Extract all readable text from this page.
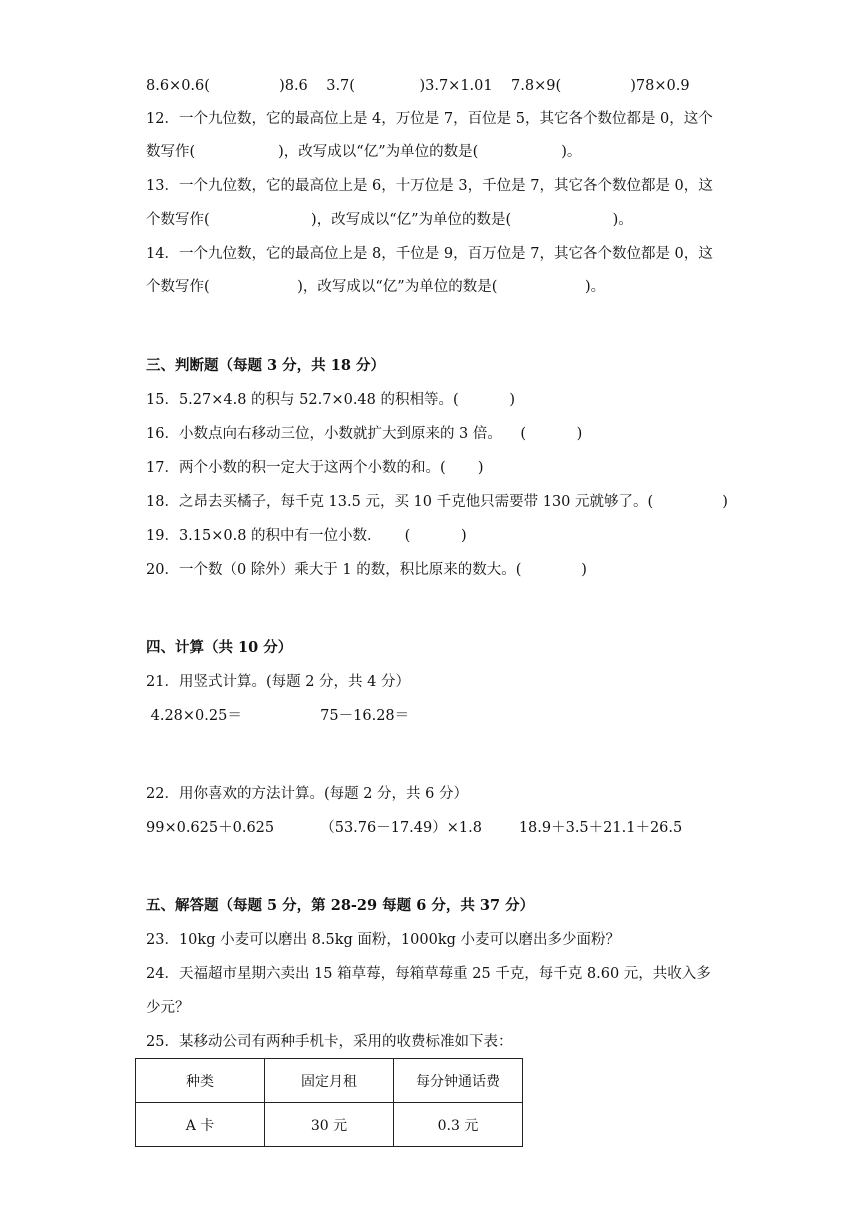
8.6×0.6(               )8.6    3.7(              )3.7×1.01    7.8×9(               )78×0.9
12．一个九位数，它的最高位上是 4，万位是 7，百位是 5，其它各个数位都是 0，这个
数写作(                  )，改写成以“亿”为单位的数是(                  )。
13．一个九位数，它的最高位上是 6，十万位是 3，千位是 7，其它各个数位都是 0，这
个数写作(                      )，改写成以“亿”为单位的数是(                      )。
14．一个九位数，它的最高位上是 8，千位是 9，百万位是 7，其它各个数位都是 0，这
个数写作(                   )，改写成以“亿”为单位的数是(                   )。
三、判断题（每题 3 分，共 18 分）
15．5.27×4.8 的积与 52.7×0.48 的积相等。(           )
16．小数点向右移动三位，小数就扩大到原来的 3 倍。    (           )
17．两个小数的积一定大于这两个小数的和。(       )
18．之昂去买橘子，每千克 13.5 元，买 10 千克他只需要带 130 元就够了。(               )
19．3.15×0.8 的积中有一位小数．     (           )
20．一个数（0 除外）乘大于 1 的数，积比原来的数大。(             )
四、计算（共 10 分）
21．用竖式计算。(每题 2 分，共 4 分）
4.28×0.25＝                 75－16.28＝
22．用你喜欢的方法计算。(每题 2 分，共 6 分）
99×0.625＋0.625          （53.76－17.49）×1.8        18.9＋3.5＋21.1＋26.5
五、解答题（每题 5 分，第 28-29 每题 6 分，共 37 分）
23．10kg 小麦可以磨出 8.5kg 面粉，1000kg 小麦可以磨出多少面粉？
24．天福超市星期六卖出 15 箱草莓，每箱草莓重 25 千克，每千克 8.60 元，共收入多
少元？
25．某移动公司有两种手机卡，采用的收费标准如下表：
种类	固定月租	每分钟通话费
A 卡	30 元	0.3 元
